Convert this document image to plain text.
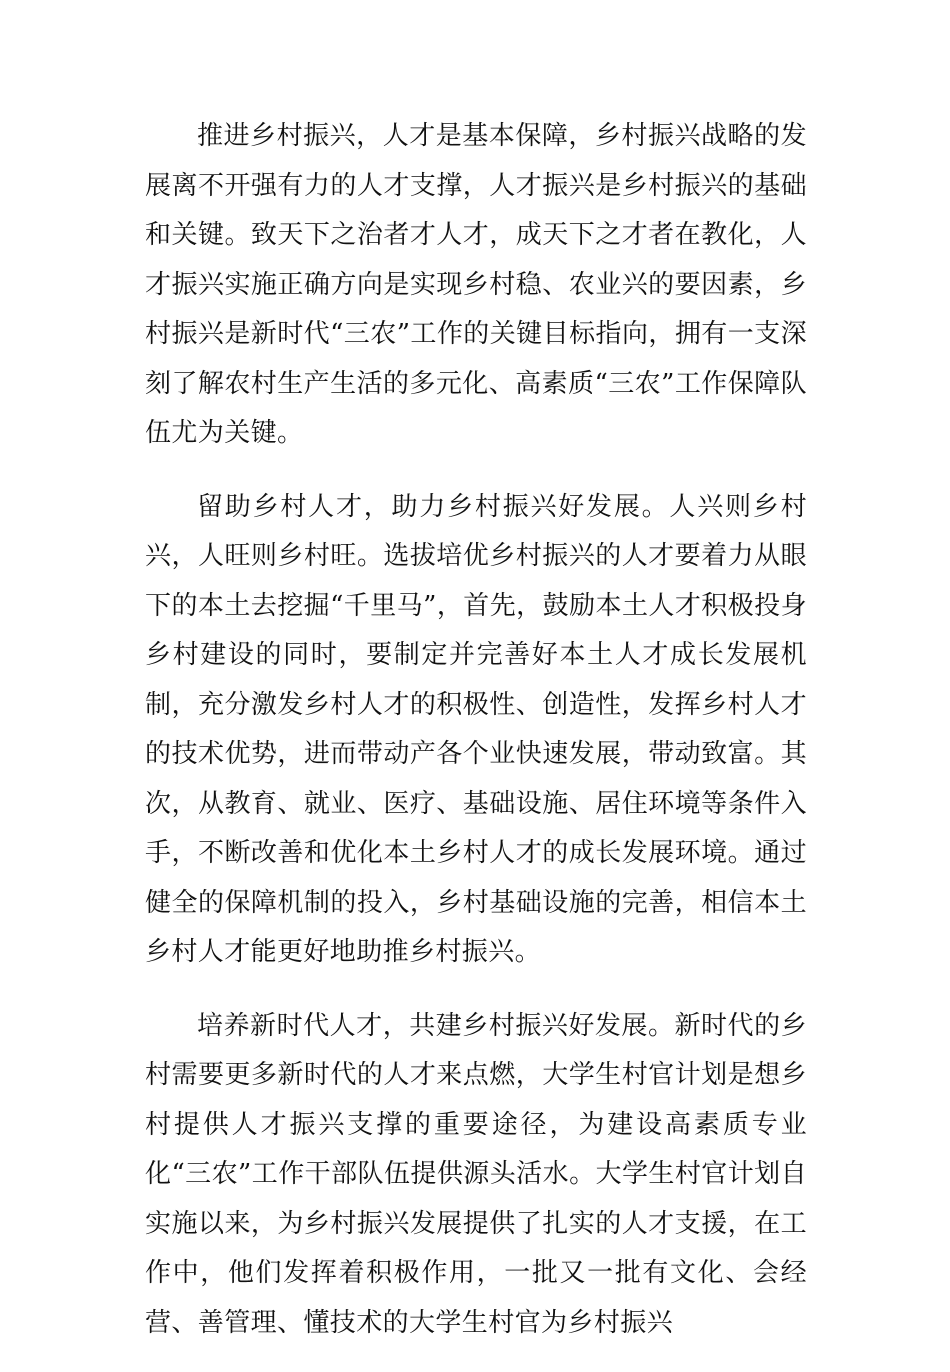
推进乡村振兴，人才是基本保障，乡村振兴战略的发展离不开强有力的人才支撑，人才振兴是乡村振兴的基础和关键。致天下之治者才人才，成天下之才者在教化，人才振兴实施正确方向是实现乡村稳、农业兴的要因素，乡村振兴是新时代“三农”工作的关键目标指向，拥有一支深刻了解农村生产生活的多元化、高素质“三农”工作保障队伍尤为关键。

留助乡村人才，助力乡村振兴好发展。人兴则乡村兴，人旺则乡村旺。选拔培优乡村振兴的人才要着力从眼下的本土去挖掘“千里马”，首先，鼓励本土人才积极投身乡村建设的同时，要制定并完善好本土人才成长发展机制，充分激发乡村人才的积极性、创造性，发挥乡村人才的技术优势，进而带动产各个业快速发展，带动致富。其次，从教育、就业、医疗、基础设施、居住环境等条件入手，不断改善和优化本土乡村人才的成长发展环境。通过健全的保障机制的投入，乡村基础设施的完善，相信本土乡村人才能更好地助推乡村振兴。

培养新时代人才，共建乡村振兴好发展。新时代的乡村需要更多新时代的人才来点燃，大学生村官计划是想乡村提供人才振兴支撑的重要途径，为建设高素质专业化“三农”工作干部队伍提供源头活水。大学生村官计划自实施以来，为乡村振兴发展提供了扎实的人才支援，在工作中，他们发挥着积极作用，一批又一批有文化、会经营、善管理、懂技术的大学生村官为乡村振兴
